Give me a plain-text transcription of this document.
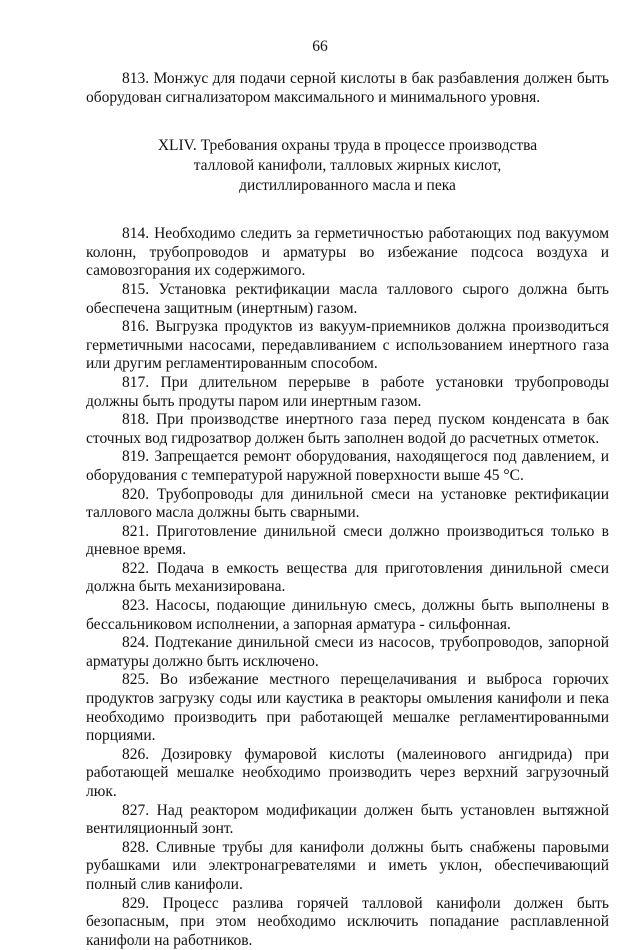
66

813. Монжус для подачи серной кислоты в бак разбавления должен быть оборудован сигнализатором максимального и минимального уровня.

XLIV. Требования охраны труда в процессе производства
талловой канифоли, талловых жирных кислот,
дистиллированного масла и пека

814. Необходимо следить за герметичностью работающих под вакуумом колонн, трубопроводов и арматуры во избежание подсоса воздуха и самовозгорания их содержимого.

815. Установка ректификации масла таллового сырого должна быть обеспечена защитным (инертным) газом.

816. Выгрузка продуктов из вакуум-приемников должна производиться герметичными насосами, передавливанием с использованием инертного газа или другим регламентированным способом.

817. При длительном перерыве в работе установки трубопроводы должны быть продуты паром или инертным газом.

818. При производстве инертного газа перед пуском конденсата в бак сточных вод гидрозатвор должен быть заполнен водой до расчетных отметок.

819. Запрещается ремонт оборудования, находящегося под давлением, и оборудования с температурой наружной поверхности выше 45 °С.

820. Трубопроводы для динильной смеси на установке ректификации таллового масла должны быть сварными.

821. Приготовление динильной смеси должно производиться только в дневное время.

822. Подача в емкость вещества для приготовления динильной смеси должна быть механизирована.

823. Насосы, подающие динильную смесь, должны быть выполнены в бессальниковом исполнении, а запорная арматура - сильфонная.

824. Подтекание динильной смеси из насосов, трубопроводов, запорной арматуры должно быть исключено.

825. Во избежание местного перещелачивания и выброса горючих продуктов загрузку соды или каустика в реакторы омыления канифоли и пека необходимо производить при работающей мешалке регламентированными порциями.

826. Дозировку фумаровой кислоты (малеинового ангидрида) при работающей мешалке необходимо производить через верхний загрузочный люк.

827. Над реактором модификации должен быть установлен вытяжной вентиляционный зонт.

828. Сливные трубы для канифоли должны быть снабжены паровыми рубашками или электронагревателями и иметь уклон, обеспечивающий полный слив канифоли.

829. Процесс разлива горячей талловой канифоли должен быть безопасным, при этом необходимо исключить попадание расплавленной канифоли на работников.
